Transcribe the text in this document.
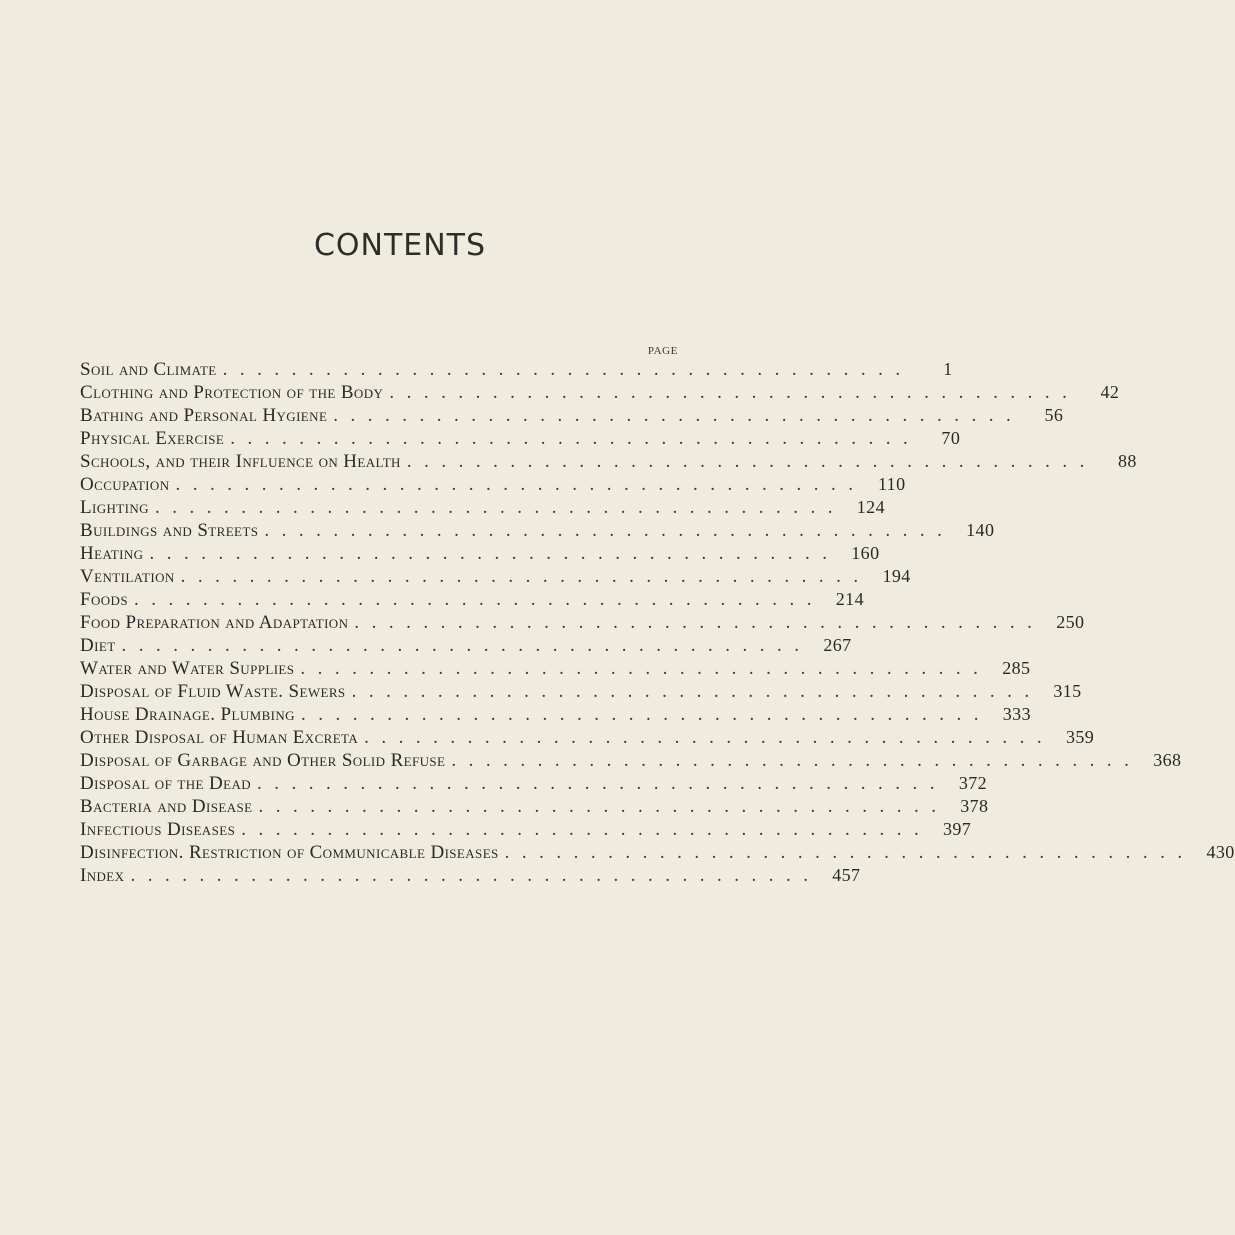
CONTENTS
PAGE
Soil and Climate ........................................	1
Clothing and Protection of the Body ........................................	42
Bathing and Personal Hygiene ........................................	56
Physical Exercise ........................................	70
Schools, and their Influence on Health ........................................	88
Occupation ........................................ 110
Lighting ........................................ 124
Buildings and Streets ........................................ 140
Heating ........................................ 160
Ventilation ........................................ 194
Foods ........................................ 214
Food Preparation and Adaptation ........................................ 250
Diet ........................................ 267
Water and Water Supplies ........................................ 285
Disposal of Fluid Waste. Sewers ........................................ 315
House Drainage. Plumbing ........................................ 333
Other Disposal of Human Excreta ........................................ 359
Disposal of Garbage and Other Solid Refuse ........................................ 368
Disposal of the Dead ........................................ 372
Bacteria and Disease ........................................ 378
Infectious Diseases ........................................ 397
Disinfection. Restriction of Communicable Diseases ........................................ 430
Index ........................................ 457
